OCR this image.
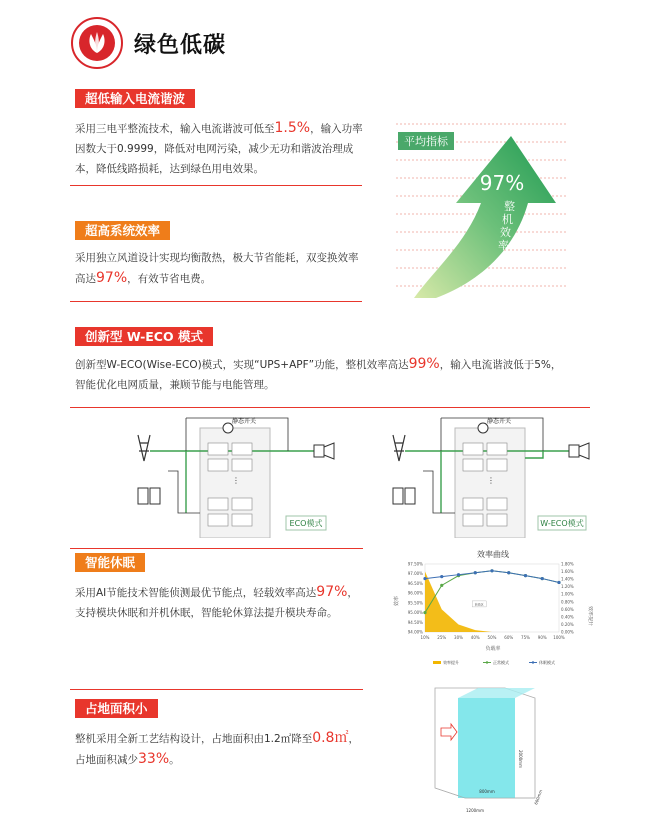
绿色低碳
超低输入电流谐波
采用三电平整流技术，输入电流谐波可低至1.5%，输入功率
因数大于0.9999，降低对电网污染，减少无功和谐波治理成
本，降低线路损耗，达到绿色用电效果。
超高系统效率
采用独立风道设计实现均衡散热，极大节省能耗，双变换效率
高达97%，有效节省电费。
平均指标
97%
整机效率
创新型 W-ECO 模式
创新型W-ECO(Wise-ECO)模式，实现“UPS+APF”功能，整机效率高达99%，输入电流谐波低于5%，
智能优化电网质量，兼顾节能与电能管理。
静态开关
⋮
ECO模式
静态开关
⋮
W-ECO模式
智能休眠
采用AI节能技术智能侦测最优节能点，轻载效率高达97%，
支持模块休眠和并机休眠，智能轮休算法提升模块寿命。
效率曲线
转换区
97.50%
97.00%
96.50%
96.00%
95.50%
95.00%
94.50%
94.00%
1.80%
1.60%
1.40%
1.20%
1.00%
0.80%
0.60%
0.40%
0.20%
0.00%
10% 25% 30% 40% 50% 60% 75% 90% 100%
负载率
效率
效率提升
效率提升	正常模式	休眠模式
占地面积小
整机采用全新工艺结构设计，占地面积由1.2㎡降至0.8㎡，
占地面积减少33%。
800mm
1200mm
2000mm
600mm
